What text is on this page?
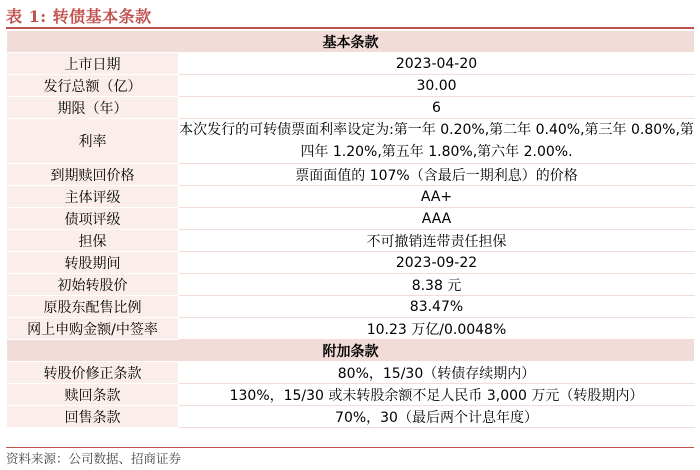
表 1: 转债基本条款
基本条款	
上市日期	2023-04-20
发行总额（亿）	30.00
期限（年）	6
利率	本次发行的可转债票面利率设定为:第一年 0.20%,第二年 0.40%,第三年 0.80%,第四年 1.20%,第五年 1.80%,第六年 2.00%.
到期赎回价格	票面面值的 107%（含最后一期利息）的价格
主体评级	AA+
债项评级	AAA
担保	不可撤销连带责任担保
转股期间	2023-09-22
初始转股价	8.38 元
原股东配售比例	83.47%
网上申购金额/中签率	10.23 万亿/0.0048%
附加条款	
转股价修正条款	80%，15/30（转债存续期内）
赎回条款	130%，15/30 或未转股余额不足人民币 3,000 万元（转股期内）
回售条款	70%，30（最后两个计息年度）
资料来源：公司数据、招商证券
